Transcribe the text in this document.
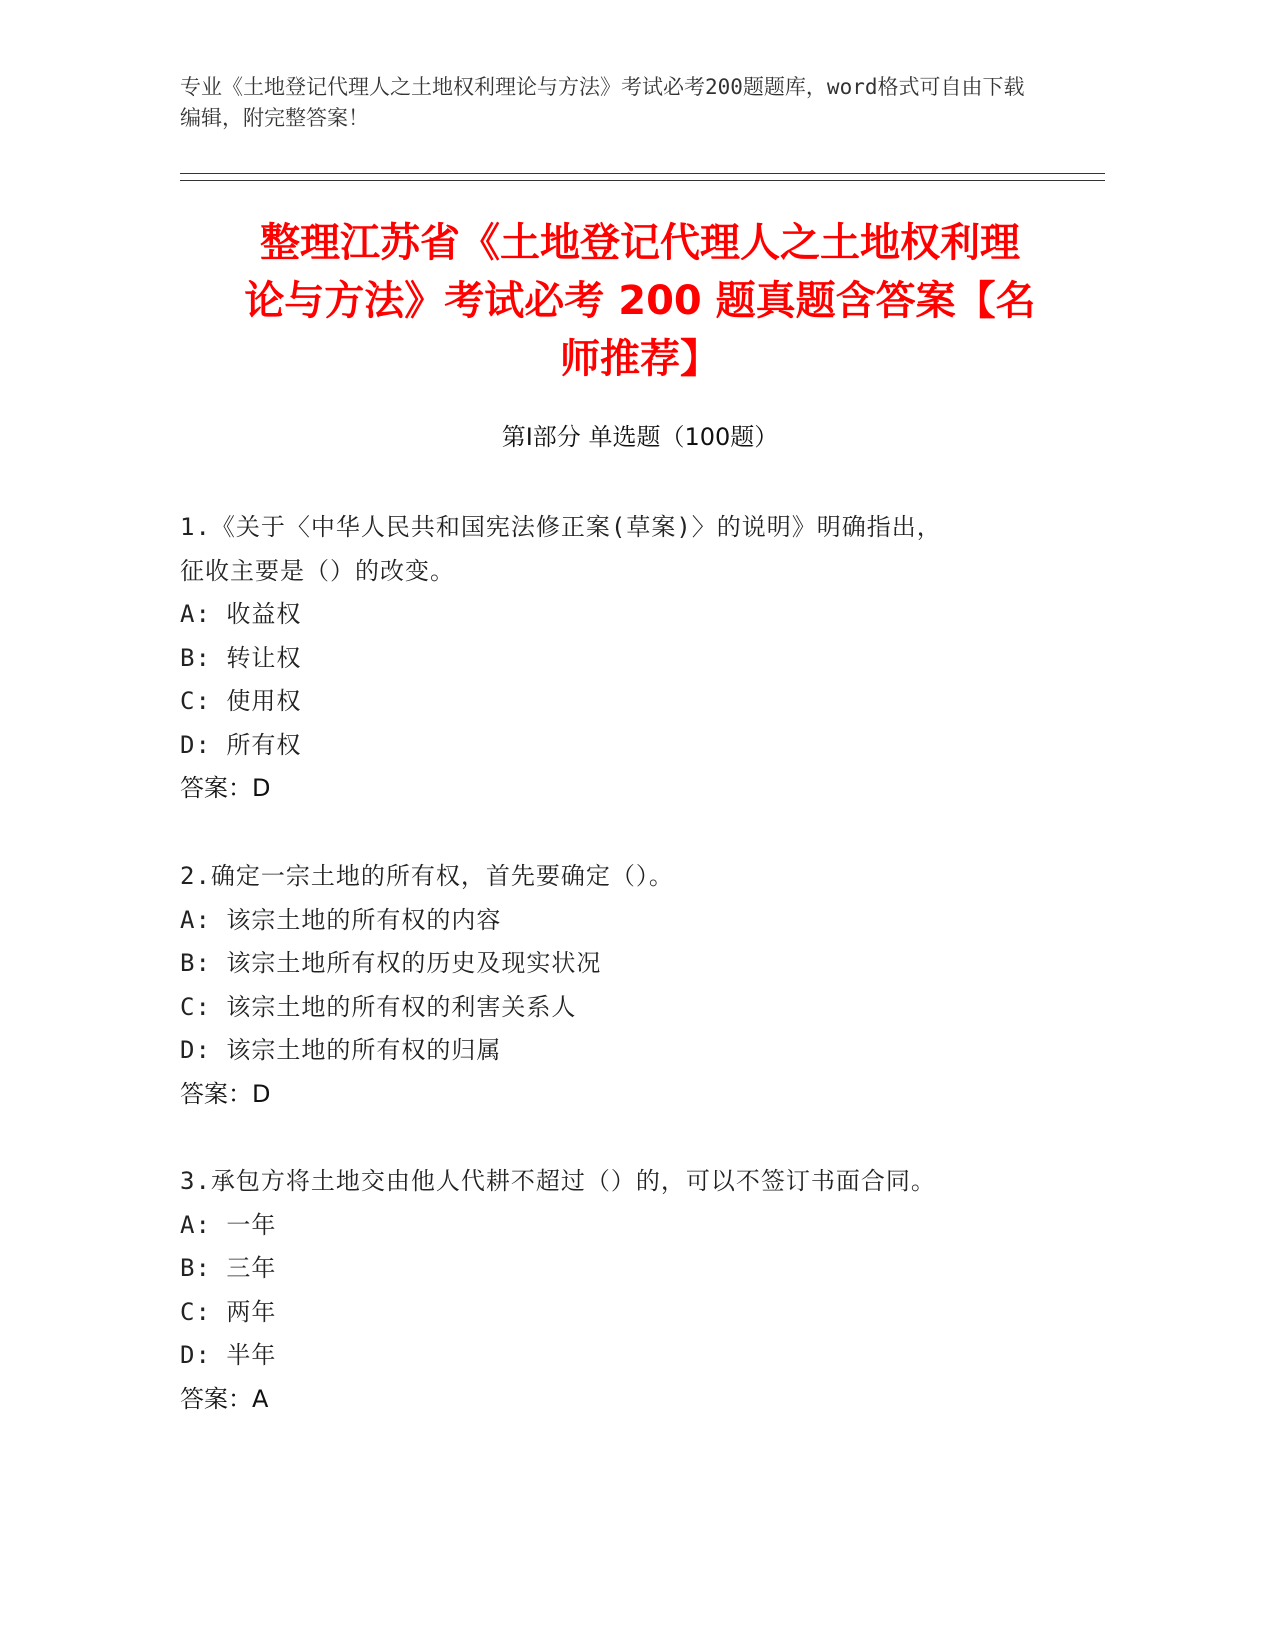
专业《土地登记代理人之土地权利理论与方法》考试必考200题题库，word格式可自由下载编辑，附完整答案！
整理江苏省《土地登记代理人之土地权利理
论与方法》考试必考 200 题真题含答案【名
师推荐】
第Ⅰ部分 单选题（100题）
1.《关于〈中华人民共和国宪法修正案(草案)〉的说明》明确指出，
征收主要是（）的改变。
A: 收益权
B: 转让权
C: 使用权
D: 所有权
答案：D
2.确定一宗土地的所有权，首先要确定（）。
A: 该宗土地的所有权的内容
B: 该宗土地所有权的历史及现实状况
C: 该宗土地的所有权的利害关系人
D: 该宗土地的所有权的归属
答案：D
3.承包方将土地交由他人代耕不超过（）的，可以不签订书面合同。
A: 一年
B: 三年
C: 两年
D: 半年
答案：A
